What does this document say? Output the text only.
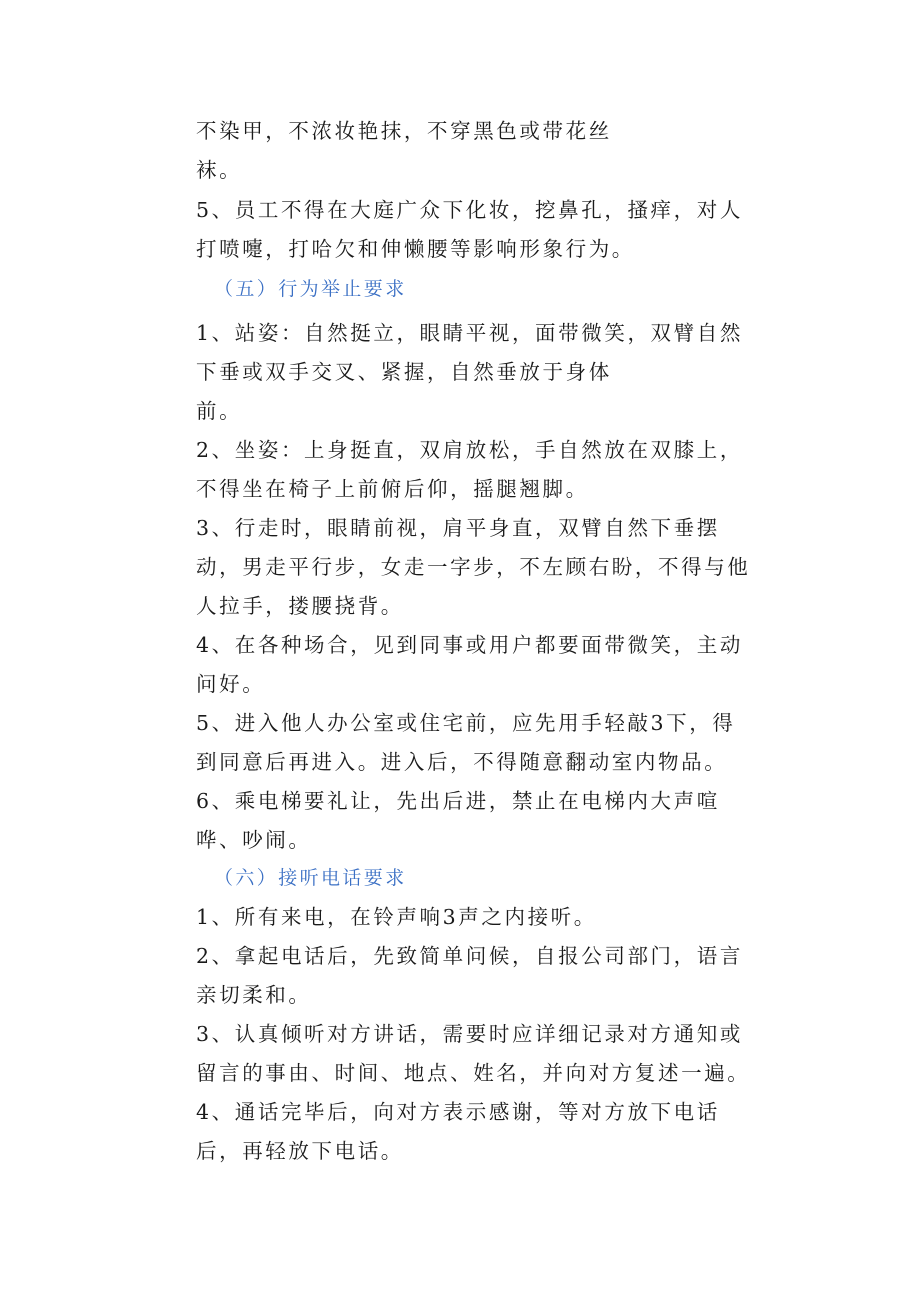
不染甲，不浓妆艳抹，不穿黑色或带花丝
袜。
5、员工不得在大庭广众下化妆，挖鼻孔，搔痒，对人
打喷嚏，打哈欠和伸懒腰等影响形象行为。
（五）行为举止要求
1、站姿：自然挺立，眼睛平视，面带微笑，双臂自然
下垂或双手交叉、紧握，自然垂放于身体
前。
2、坐姿：上身挺直，双肩放松，手自然放在双膝上，
不得坐在椅子上前俯后仰，摇腿翘脚。
3、行走时，眼睛前视，肩平身直，双臂自然下垂摆
动，男走平行步，女走一字步，不左顾右盼，不得与他
人拉手，搂腰挠背。
4、在各种场合，见到同事或用户都要面带微笑，主动
问好。
5、进入他人办公室或住宅前，应先用手轻敲3下，得
到同意后再进入。进入后，不得随意翻动室内物品。
6、乘电梯要礼让，先出后进，禁止在电梯内大声喧
哗、吵闹。
（六）接听电话要求
1、所有来电，在铃声响3声之内接听。
2、拿起电话后，先致简单问候，自报公司部门，语言
亲切柔和。
3、认真倾听对方讲话，需要时应详细记录对方通知或
留言的事由、时间、地点、姓名，并向对方复述一遍。
4、通话完毕后，向对方表示感谢，等对方放下电话
后，再轻放下电话。
